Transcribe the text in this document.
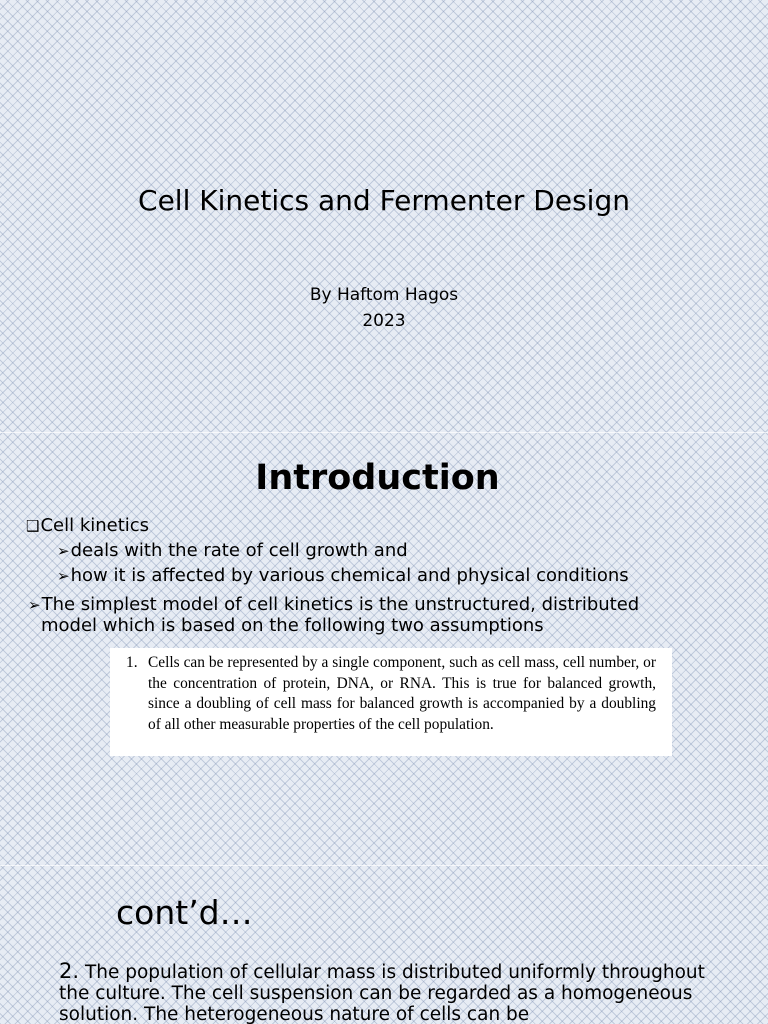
Cell Kinetics and Fermenter Design
By Haftom Hagos
2023
Introduction
❑Cell kinetics
➢deals with the rate of cell growth and
➢how it is affected by various chemical and physical conditions
➢The simplest model of cell kinetics is the unstructured, distributed
model which is based on the following two assumptions
1. Cells can be represented by a single component, such as cell mass, cell number, or the concentration of protein, DNA, or RNA. This is true for balanced growth, since a doubling of cell mass for balanced growth is accompanied by a doubling of all other measurable properties of the cell population.
cont’d…
2. The population of cellular mass is distributed uniformly throughout the culture. The cell suspension can be regarded as a homogeneous solution. The heterogeneous nature of cells can be
